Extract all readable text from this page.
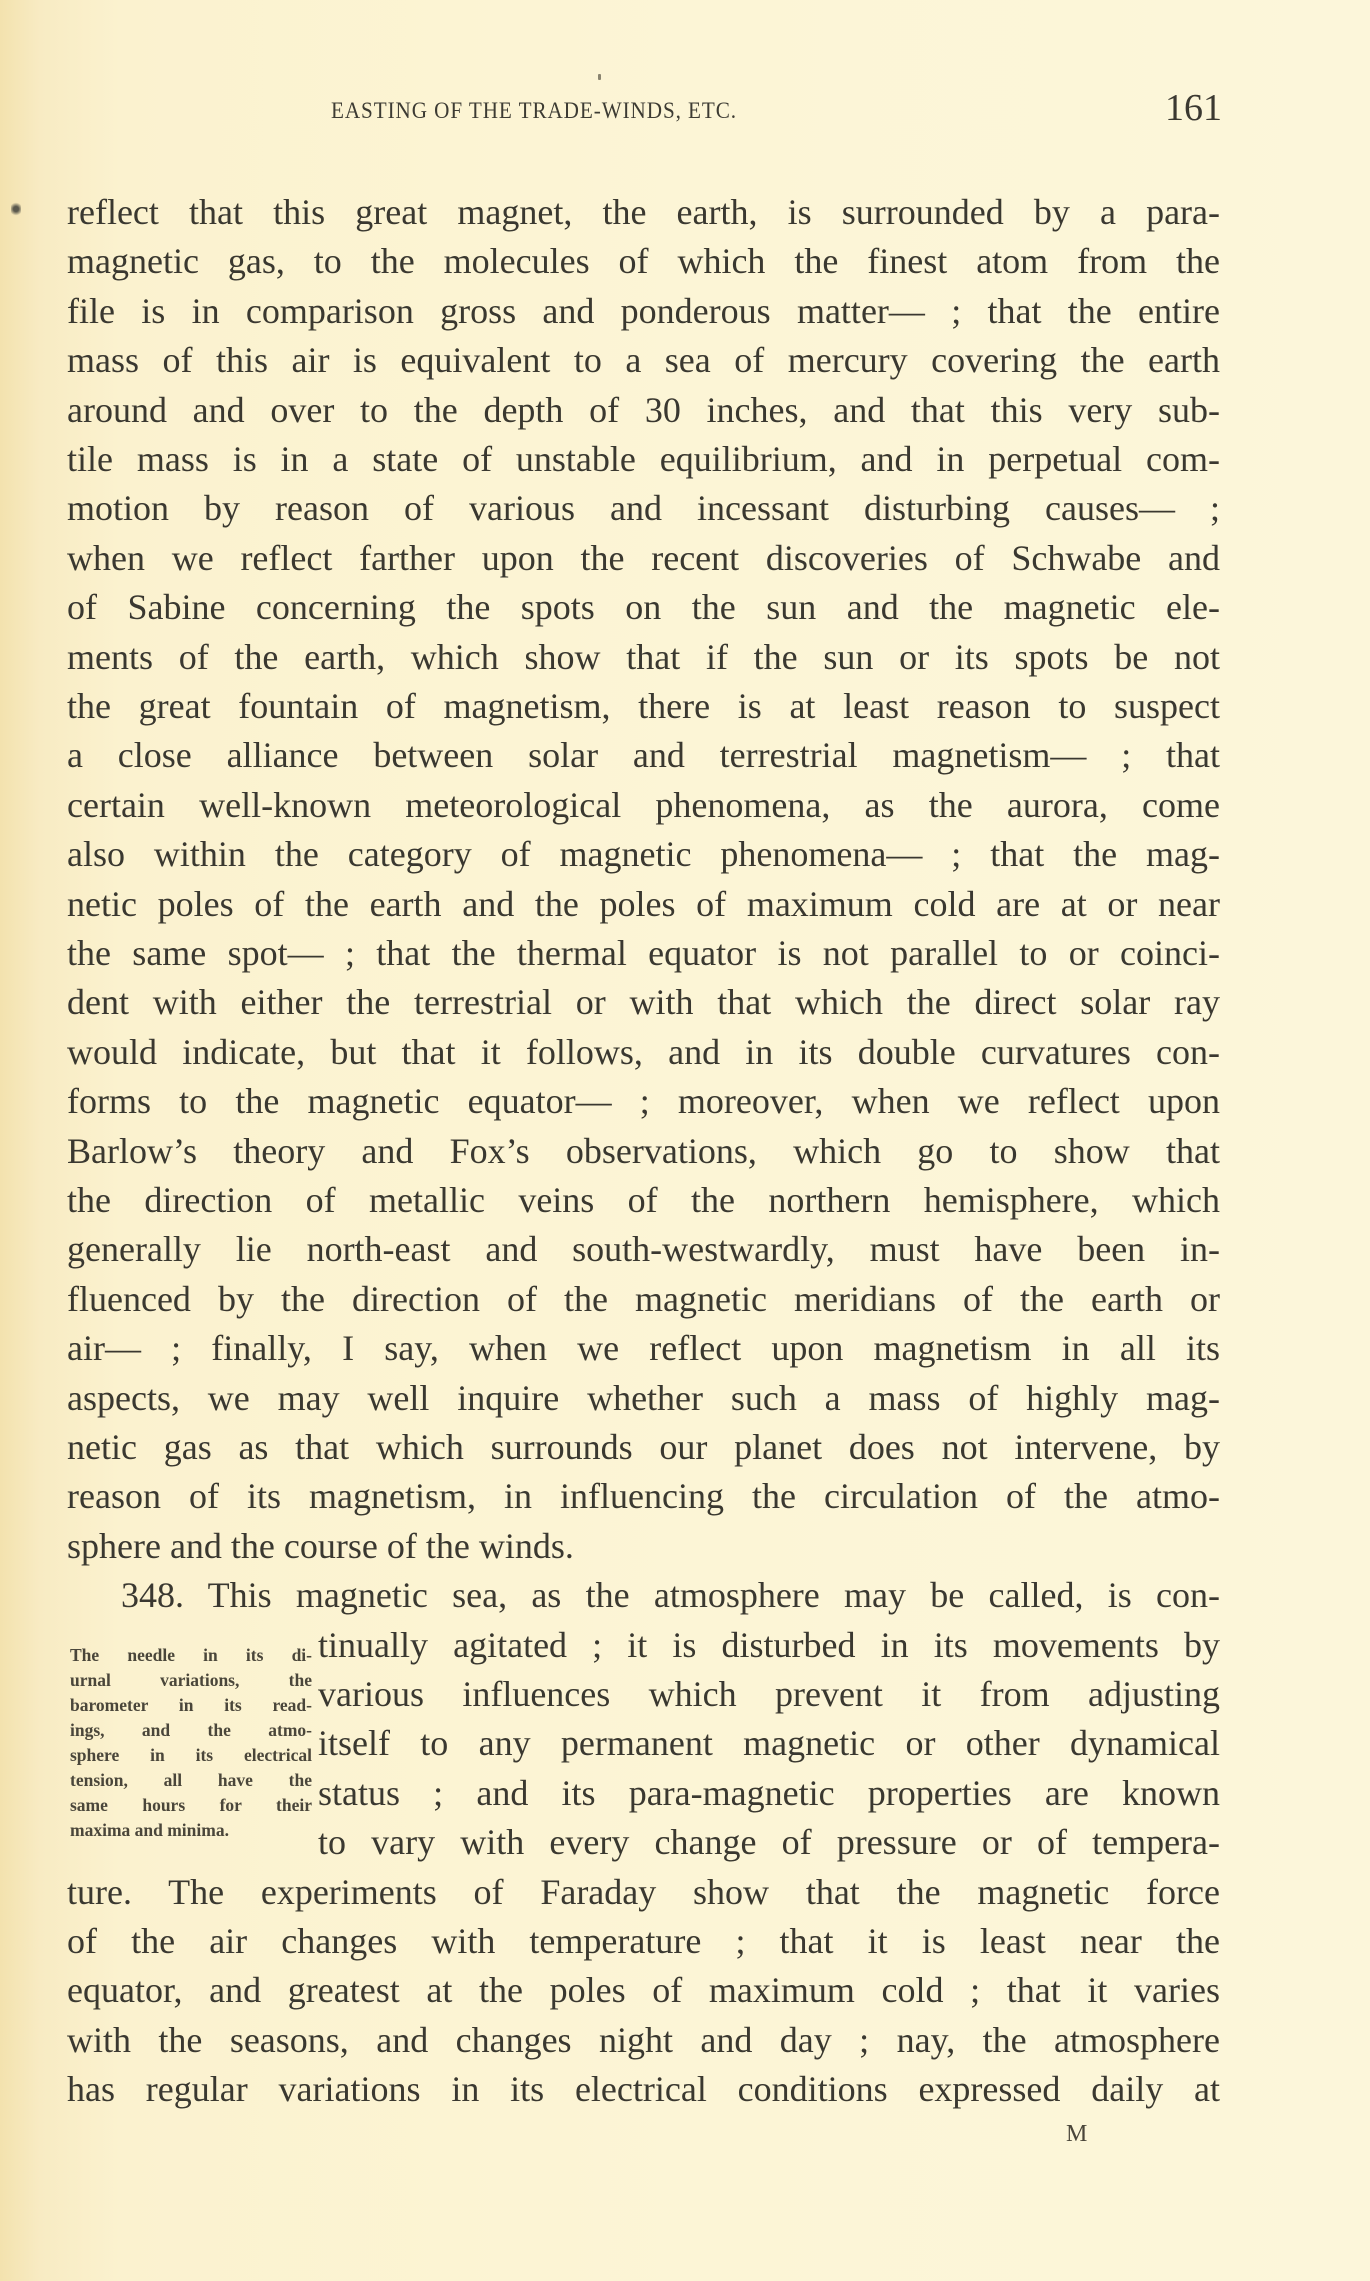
EASTING OF THE TRADE-WINDS, ETC.	161
reflect that this great magnet, the earth, is surrounded by a para-
magnetic gas, to the molecules of which the finest atom from the
file is in comparison gross and ponderous matter— ; that the entire
mass of this air is equivalent to a sea of mercury covering the earth
around and over to the depth of 30 inches, and that this very sub-
tile mass is in a state of unstable equilibrium, and in perpetual com-
motion by reason of various and incessant disturbing causes— ;
when we reflect farther upon the recent discoveries of Schwabe and
of Sabine concerning the spots on the sun and the magnetic ele-
ments of the earth, which show that if the sun or its spots be not
the great fountain of magnetism, there is at least reason to suspect
a close alliance between solar and terrestrial magnetism— ; that
certain well-known meteorological phenomena, as the aurora, come
also within the category of magnetic phenomena— ; that the mag-
netic poles of the earth and the poles of maximum cold are at or near
the same spot— ; that the thermal equator is not parallel to or coinci-
dent with either the terrestrial or with that which the direct solar ray
would indicate, but that it follows, and in its double curvatures con-
forms to the magnetic equator— ; moreover, when we reflect upon
Barlow’s theory and Fox’s observations, which go to show that
the direction of metallic veins of the northern hemisphere, which
generally lie north-east and south-westwardly, must have been in-
fluenced by the direction of the magnetic meridians of the earth or
air— ; finally, I say, when we reflect upon magnetism in all its
aspects, we may well inquire whether such a mass of highly mag-
netic gas as that which surrounds our planet does not intervene, by
reason of its magnetism, in influencing the circulation of the atmo-
sphere and the course of the winds.
348. This magnetic sea, as the atmosphere may be called, is con-
tinually agitated ; it is disturbed in its movements by
various influences which prevent it from adjusting
itself to any permanent magnetic or other dynamical
status ; and its para-magnetic properties are known
to vary with every change of pressure or of tempera-
ture. The experiments of Faraday show that the magnetic force
of the air changes with temperature ; that it is least near the
equator, and greatest at the poles of maximum cold ; that it varies
with the seasons, and changes night and day ; nay, the atmosphere
has regular variations in its electrical conditions expressed daily at
The needle in its di-
urnal variations, the
barometer in its read-
ings, and the atmo-
sphere in its electrical
tension, all have the
same hours for their
maxima and minima.
M
